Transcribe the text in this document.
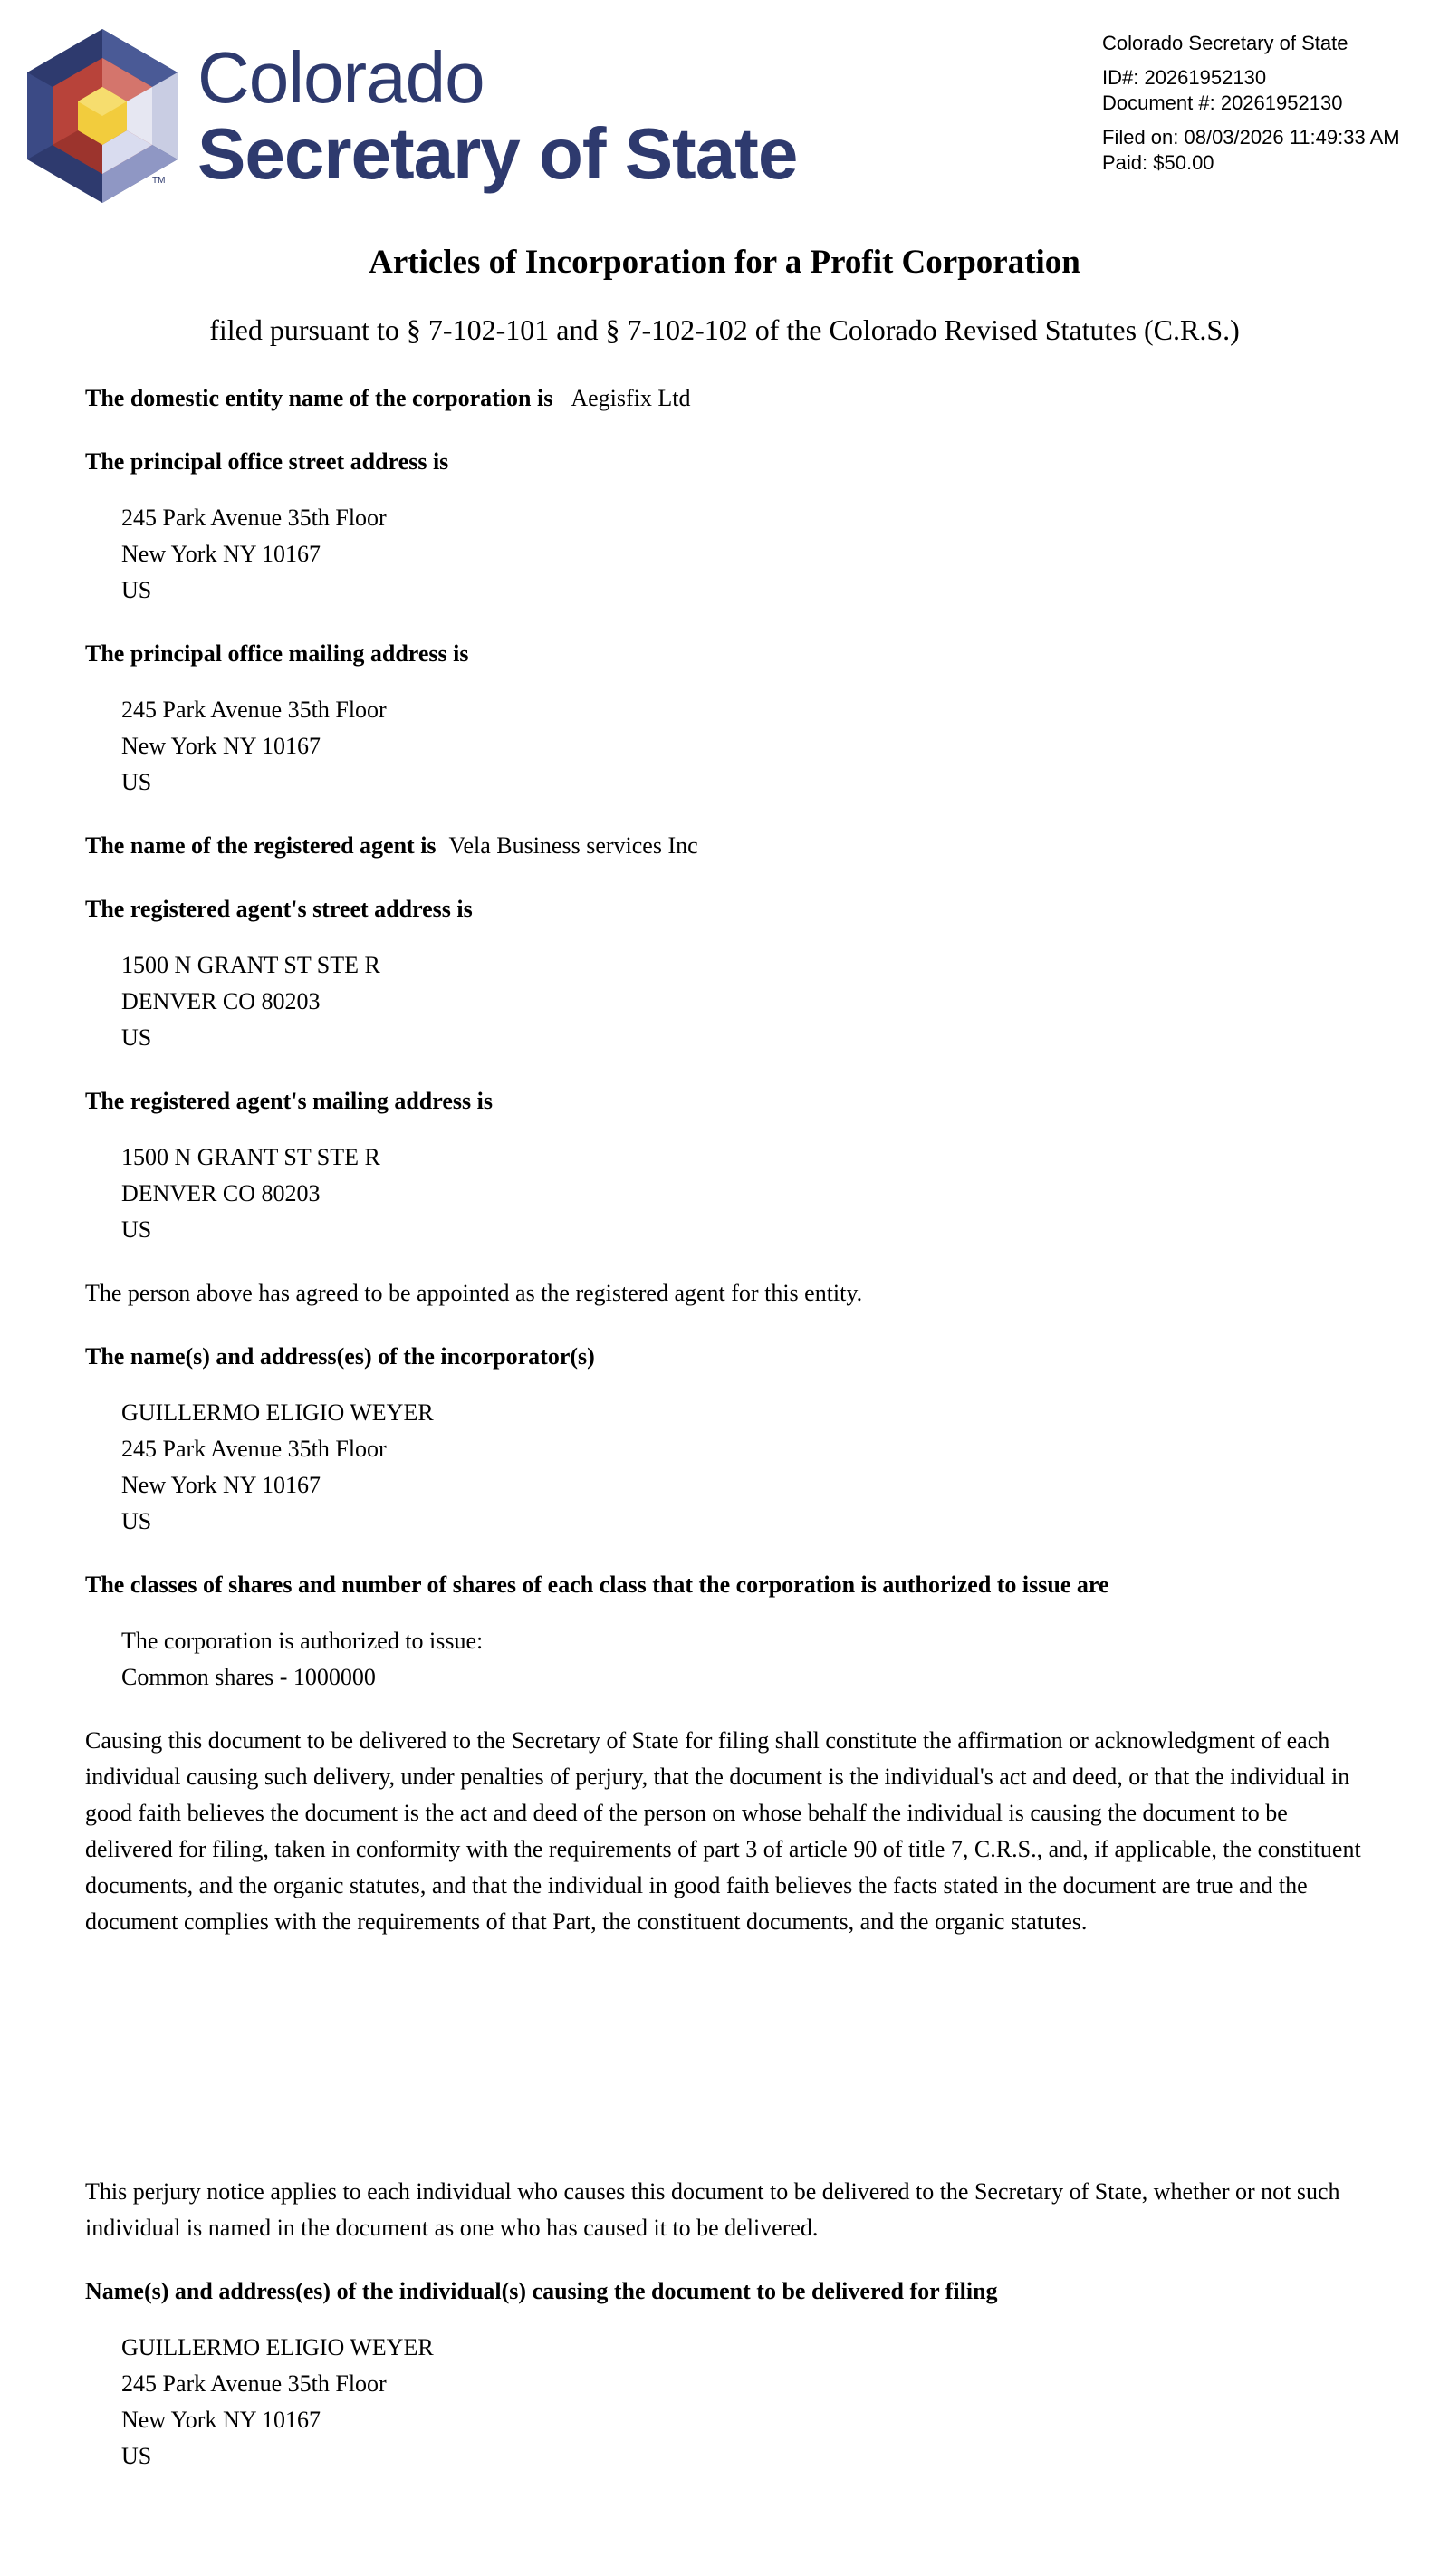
TM
Colorado
Secretary of State
Colorado Secretary of State
ID#: 20261952130
Document #: 20261952130
Filed on: 08/03/2026 11:49:33 AM
Paid: $50.00
Articles of Incorporation for a Profit Corporation
filed pursuant to § 7-102-101 and § 7-102-102 of the Colorado Revised Statutes (C.R.S.)
The domestic entity name of the corporation is Aegisfix Ltd
The principal office street address is
245 Park Avenue 35th Floor
New York NY 10167
US
The principal office mailing address is
245 Park Avenue 35th Floor
New York NY 10167
US
The name of the registered agent is Vela Business services Inc
The registered agent's street address is
1500 N GRANT ST STE R
DENVER CO 80203
US
The registered agent's mailing address is
1500 N GRANT ST STE R
DENVER CO 80203
US
The person above has agreed to be appointed as the registered agent for this entity.
The name(s) and address(es) of the incorporator(s)
GUILLERMO ELIGIO WEYER
245 Park Avenue 35th Floor
New York NY 10167
US
The classes of shares and number of shares of each class that the corporation is authorized to issue are
The corporation is authorized to issue:
Common shares - 1000000
Causing this document to be delivered to the Secretary of State for filing shall constitute the affirmation or acknowledgment of each individual causing such delivery, under penalties of perjury, that the document is the individual's act and deed, or that the individual in good faith believes the document is the act and deed of the person on whose behalf the individual is causing the document to be delivered for filing, taken in conformity with the requirements of part 3 of article 90 of title 7, C.R.S., and, if applicable, the constituent documents, and the organic statutes, and that the individual in good faith believes the facts stated in the document are true and the document complies with the requirements of that Part, the constituent documents, and the organic statutes.
This perjury notice applies to each individual who causes this document to be delivered to the Secretary of State, whether or not such individual is named in the document as one who has caused it to be delivered.
Name(s) and address(es) of the individual(s) causing the document to be delivered for filing
GUILLERMO ELIGIO WEYER
245 Park Avenue 35th Floor
New York NY 10167
US
